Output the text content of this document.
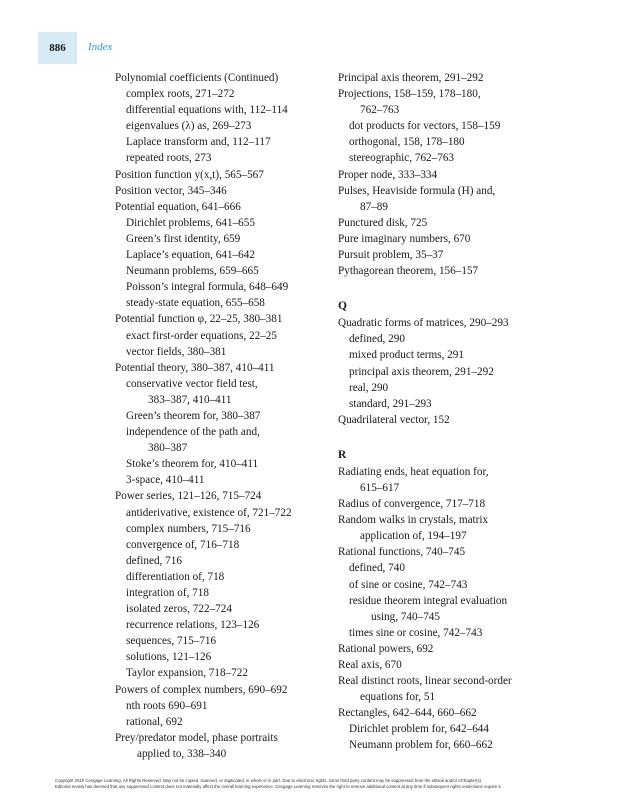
886	Index
Polynomial coefficients (Continued)
complex roots, 271–272
differential equations with, 112–114
eigenvalues (λ) as, 269–273
Laplace transform and, 112–117
repeated roots, 273
Position function y(x,t), 565–567
Position vector, 345–346
Potential equation, 641–666
Dirichlet problems, 641–655
Green’s first identity, 659
Laplace’s equation, 641–642
Neumann problems, 659–665
Poisson’s integral formula, 648–649
steady-state equation, 655–658
Potential function φ, 22–25, 380–381
exact first-order equations, 22–25
vector fields, 380–381
Potential theory, 380–387, 410–411
conservative vector field test,
383–387, 410–411
Green’s theorem for, 380–387
independence of the path and,
380–387
Stoke’s theorem for, 410–411
3-space, 410–411
Power series, 121–126, 715–724
antiderivative, existence of, 721–722
complex numbers, 715–716
convergence of, 716–718
defined, 716
differentiation of, 718
integration of, 718
isolated zeros, 722–724
recurrence relations, 123–126
sequences, 715–716
solutions, 121–126
Taylor expansion, 718–722
Powers of complex numbers, 690–692
nth roots 690–691
rational, 692
Prey/predator model, phase portraits
applied to, 338–340
Principal axis theorem, 291–292
Projections, 158–159, 178–180,
762–763
dot products for vectors, 158–159
orthogonal, 158, 178–180
stereographic, 762–763
Proper node, 333–334
Pulses, Heaviside formula (H) and,
87–89
Punctured disk, 725
Pure imaginary numbers, 670
Pursuit problem, 35–37
Pythagorean theorem, 156–157
Q
Quadratic forms of matrices, 290–293
defined, 290
mixed product terms, 291
principal axis theorem, 291–292
real, 290
standard, 291–293
Quadrilateral vector, 152
R
Radiating ends, heat equation for,
615–617
Radius of convergence, 717–718
Random walks in crystals, matrix
application of, 194–197
Rational functions, 740–745
defined, 740
of sine or cosine, 742–743
residue theorem integral evaluation
using, 740–745
times sine or cosine, 742–743
Rational powers, 692
Real axis, 670
Real distinct roots, linear second-order
equations for, 51
Rectangles, 642–644, 660–662
Dirichlet problem for, 642–644
Neumann problem for, 660–662
Copyright 2010 Cengage Learning. All Rights Reserved. May not be copied, scanned, or duplicated, in whole or in part. Due to electronic rights, some third party content may be suppressed from the eBook and/or eChapter(s).
Editorial review has deemed that any suppressed content does not materially affect the overall learning experience. Cengage Learning reserves the right to remove additional content at any time if subsequent rights restrictions require it.
